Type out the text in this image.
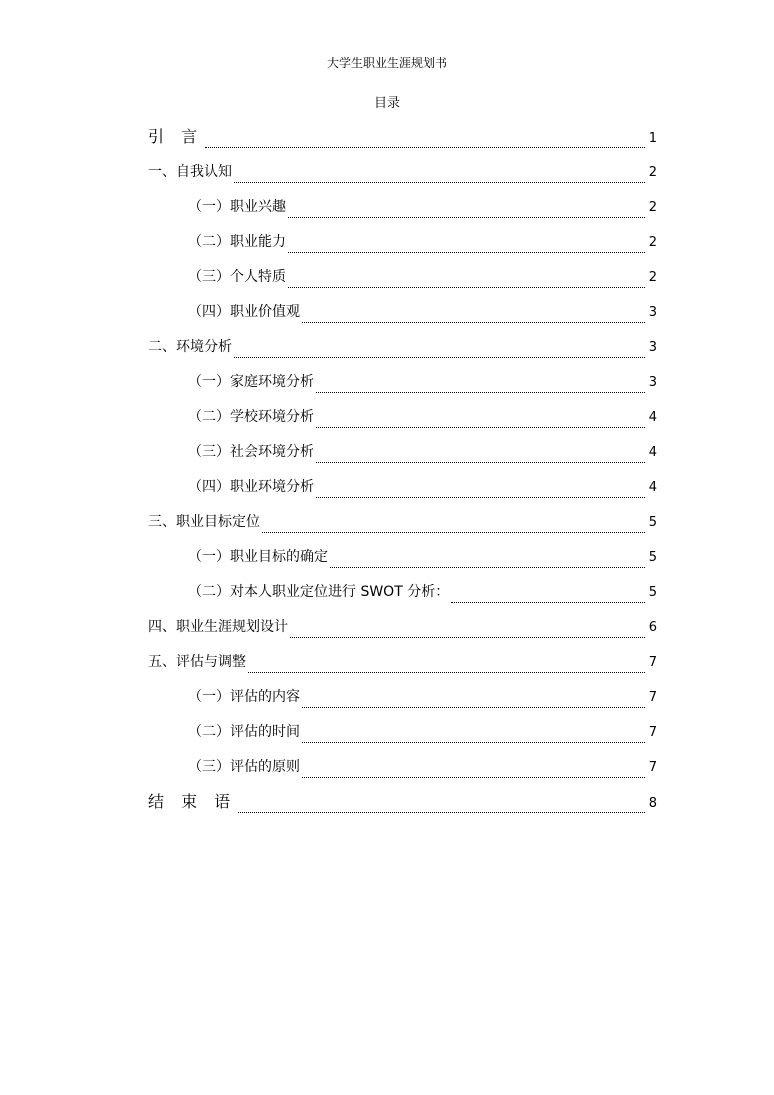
大学生职业生涯规划书
目录
引 言	1
一、自我认知	2
（一）职业兴趣	2
（二）职业能力	2
（三）个人特质	2
（四）职业价值观	3
二、环境分析	3
（一）家庭环境分析	3
（二）学校环境分析	4
（三）社会环境分析	4
（四）职业环境分析	4
三、职业目标定位	5
（一）职业目标的确定	5
（二）对本人职业定位进行 SWOT 分析：	5
四、职业生涯规划设计	6
五、评估与调整	7
（一）评估的内容	7
（二）评估的时间	7
（三）评估的原则	7
结 束 语	8
